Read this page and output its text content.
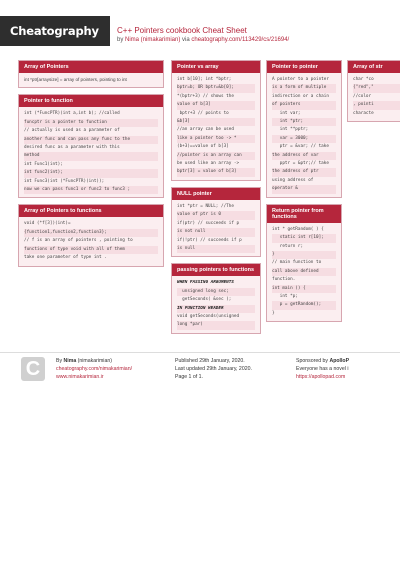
Cheatography	C++ Pointers cookbook Cheat Sheet
by Nima (nimakarimian) via cheatography.com/113429/cs/21694/
Array of Pointers
int *ptr[arraysize] = array of pointers, pointing to int
Pointer to function
int (*FuncPTR)(int a,int b); //called
funcptr is a pointer to function
// actually is used as a parameter of
another func and can pass any func to the
desired func as a parameter with this
method
int Func1(int);
int func2(int);
int Func3(int (*FuncPTR)(int));
now we can pass func1 or func2 to func3 ;
Array of Pointers to functions
void (*f[3])(int)=
{function1,function2,function3};
// f is an array of pointers , pointing to
functions of type void with all of them
take one parameter of type int .
Pointer vs array
int b[10]; int *bptr;
bptr=b; OR bptr=&b[0];
*(bptr+3) // shows the
value of b[3]
bptr+3 // points to
&b[3]
//an array can be used
like a pointer too -> *
(b+3)==value of b[3]
//pointer is an array can
be used like an array ->
bptr[3] = value of b[3]
NULL pointer
int *ptr = NULL; //The
value of ptr is 0
if(ptr) // succeeds if p
is not null
if(!ptr) // succeeds if p
is null
passing pointers to functions
WHEN PASSING ARGUMENTS
unsigned long sec;
getSeconds( &sec );
IN FUNCTION HEADER
void getSeconds(unsigned
long *par)
Pointer to pointer
A pointer to a pointer
is a form of multiple
indirection or a chain
of pointers
int var;
int *ptr;
int **pptr;
var = 3000;
ptr = &var; // take
the address of var
pptr = &ptr;// take
the address of ptr
using address of
operator &
Return pointer from functions
int * getRandom( ) {
static int r[10];
return r;
}
// main function to
call above defined
function.
int main () {
int *p;
p = getRandom();
}
Array of str
char *co
{"red","
//color
, pointi
characte
C	By Nima (nimakarimian)
cheatography.com/nimakarimian/
www.nimakarimian.ir
Published 29th January, 2020.
Last updated 29th January, 2020.
Page 1 of 1.
Sponsored by ApolloP
Everyone has a novel i
https://apollopad.com
